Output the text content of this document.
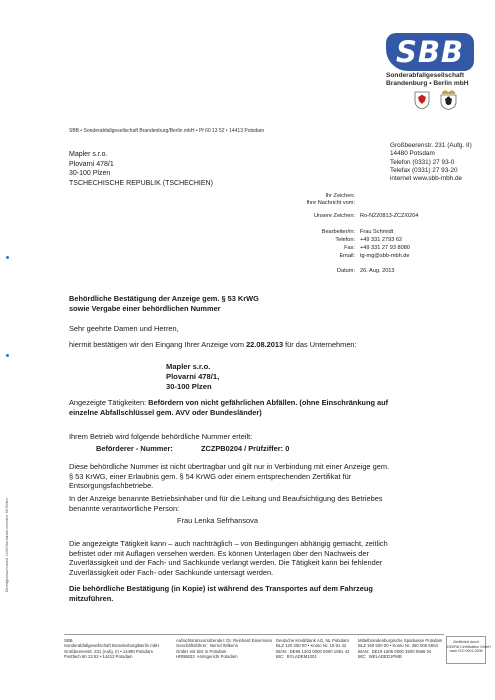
SBB
Sonderabfallgesellschaft
Brandenburg • Berlin mbH
SBB • Sonderabfallgesellschaft Brandenburg/Berlin mbH • Pf 60 13 52 • 14413 Potsdam
Großbeerenstr. 231 (Aufg. II)
14480 Potsdam
Telefon (0331) 27 93-0
Telefax (0331) 27 93-20
internet www.sbb-mbh.de
Mapler s.r.o.
Plovarni 478/1
30-100 Plzen
TSCHECHISCHE REPUBLIK (TSCHECHIEN)
Ihr Zeichen:
Ihre Nachricht vom:
Unsere Zeichen: Ro-N220813-ZCZ/0204
Bearbeiter/in: Frau Schmidt
Telefon: +49 331 2793 62
Fax: +49 331 27 93 8080
Email: tg-mg@sbb-mbh.de
Datum: 26. Aug. 2013
Behördliche Bestätigung der Anzeige gem. § 53 KrWG
sowie Vergabe einer behördlichen Nummer
Sehr geehrte Damen und Herren,
hiermit bestätigen wir den Eingang Ihrer Anzeige vom 22.08.2013 für das Unternehmen:
Mapler s.r.o.
Plovarni 478/1,
30-100 Plzen
Angezeigte Tätigkeiten: Befördern von nicht gefährlichen Abfällen. (ohne Einschränkung auf
einzelne Abfallschlüssel gem. AVV oder Bundesländer)
Ihrem Betrieb wird folgende behördliche Nummer erteilt:
Beförderer - Nummer:	ZCZPB0204 / Prüfziffer: 0
Diese behördliche Nummer ist nicht übertragbar und gilt nur in Verbindung mit einer Anzeige gem.
§ 53 KrWG, einer Erlaubnis gem. § 54 KrWG oder einem entsprechenden Zertifikat für
Entsorgungsfachbetriebe.
In der Anzeige benannte Betriebsinhaber und für die Leitung und Beaufsichtigung des Betriebes
benannte verantwortliche Person:
Frau Lenka Sefrhansova
Die angezeigte Tätigkeit kann – auch nachträglich – von Bedingungen abhängig gemacht, zeitlich
befristet oder mit Auflagen versehen werden. Es können Unterlagen über den Nachweis der
Zuverlässigkeit und der Fach- und Sachkunde verlangt werden. Die Tätigkeit kann bei fehlender
Zuverlässigkeit oder Fach- oder Sachkunde untersagt werden.
Die behördliche Bestätigung (in Kopie) ist während des Transportes auf dem Fahrzeug
mitzuführen.
Dienstgebrauch ausst. 12/06 Nachdruck verboten, 68 Seiten
SBB
Sonderabfallgesellschaft Brandenburg/Berlin mbH
Großbeerenstr. 231 (Aufg. II) • 14480 Potsdam
Postfach 60 13 52 • 14413 Potsdam
Aufsichtsratsvorsitzender: Dr. Reinhard Eisermann
Geschäftsführer:  Bernd Wilkens
GmbH mit Sitz in Potsdam
HRB8633  Amtsgericht Potsdam
Deutsche Kreditbank AG, NL Potsdam
BLZ 120 300 00 • Konto Nr. 15 91 42
IBAN:  DE96 1203 0000 0000 1591 42
BIC:  BYLADEM1001
Mittelbrandenburgische Sparkasse Potsdam
BLZ 160 500 00 • Konto Nr. 350 005 6604
IBAN:  DE19 1605 0000 3500 0566 04
BIC:  WELADED1PMB
Zertifiziert durch
DEKRA Certification GmbH
nach ISO 9001:2008
